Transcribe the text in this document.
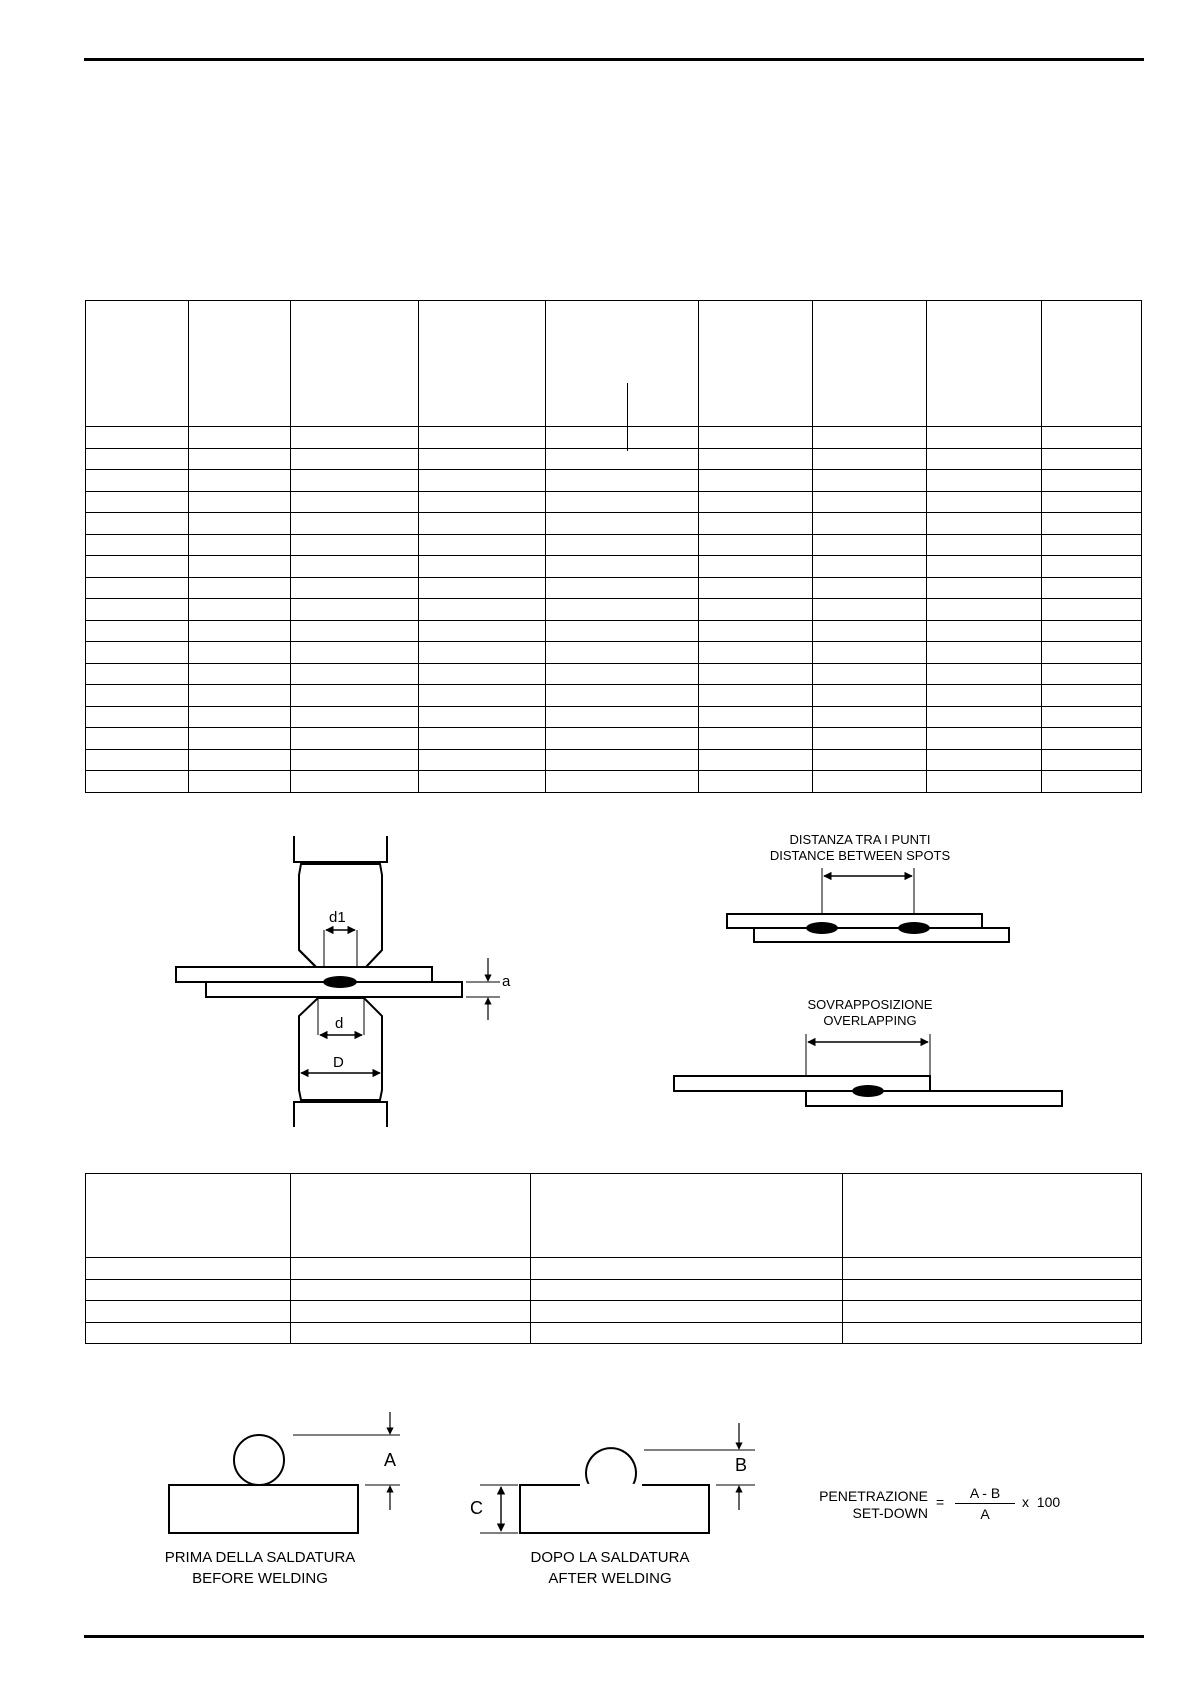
d1
d
D
a
DISTANZA TRA I PUNTI
DISTANCE BETWEEN SPOTS
SOVRAPPOSIZIONE
OVERLAPPING

A
PRIMA DELLA SALDATURA
BEFORE WELDING
B
C
DOPO LA SALDATURA
AFTER WELDING
PENETRAZIONE
SET-DOWN
=
A - B
A
x  100
